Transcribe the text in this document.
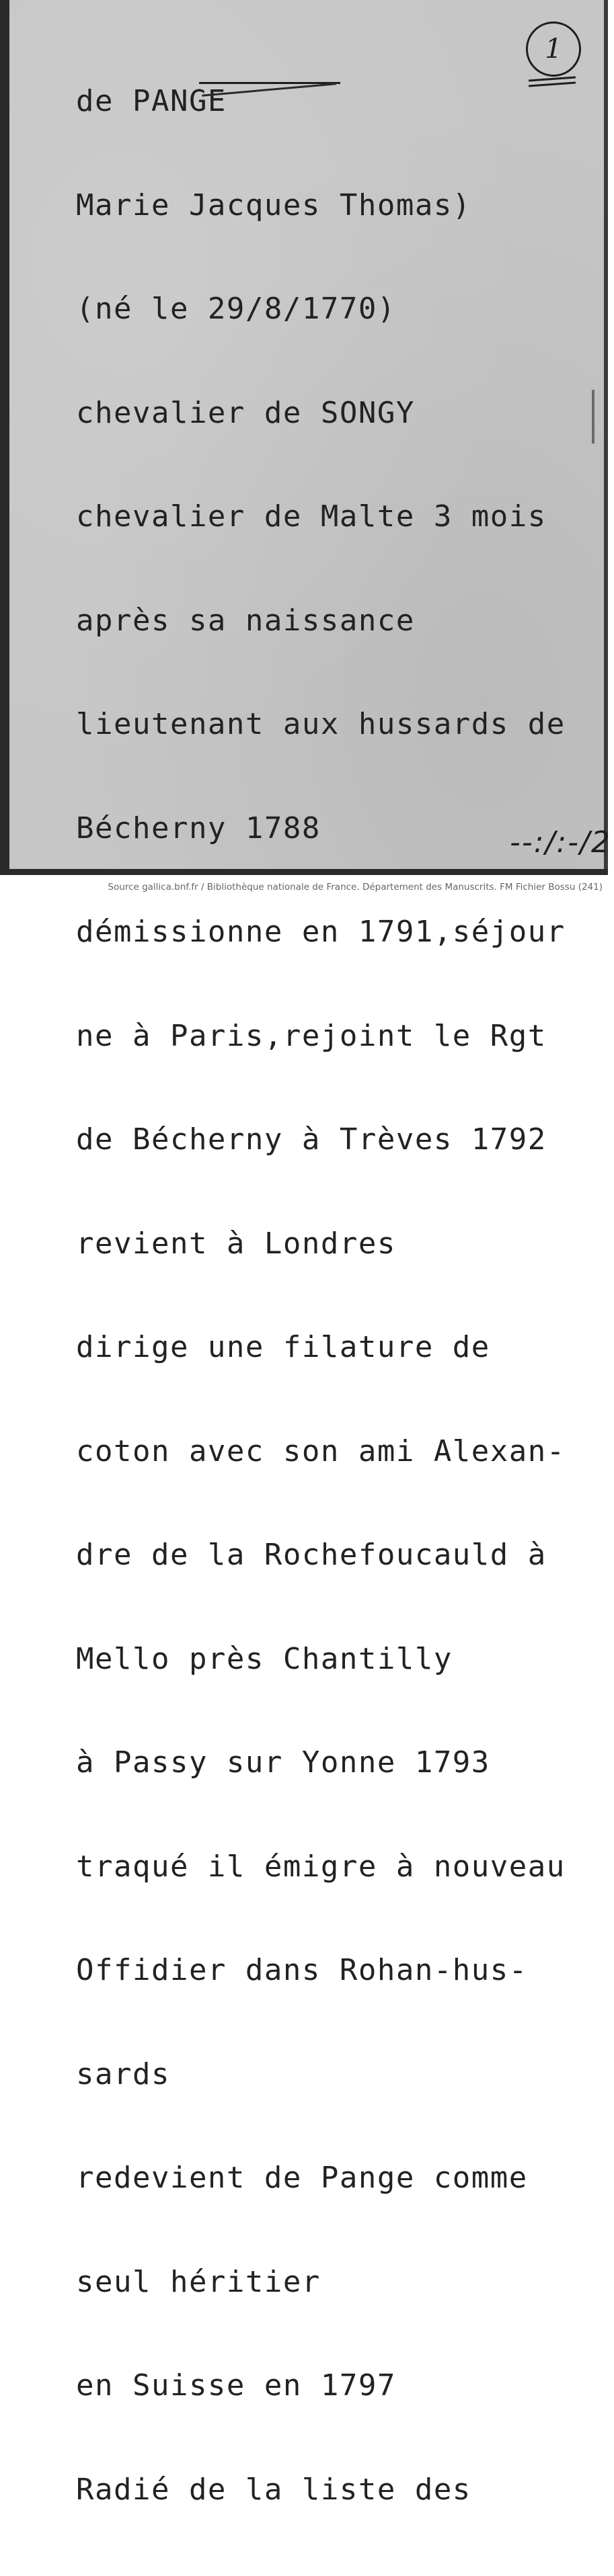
de PANGE

Marie Jacques Thomas)

(né le 29/8/1770)

chevalier de SONGY

chevalier de Malte 3 mois

après sa naissance

lieutenant aux hussards de

Bécherny 1788

démissionne en 1791,séjour

ne à Paris,rejoint le Rgt

de Bécherny à Trèves 1792

revient à Londres

dirige une filature de

coton avec son ami Alexan-

dre de la Rochefoucauld à

Mello près Chantilly

à Passy sur Yonne 1793

traqué il émigre à nouveau

Offidier dans Rohan-hus-

sards

redevient de Pange comme

seul héritier

en Suisse en 1797

Radié de la liste des

1
--:/:-/2
Source gallica.bnf.fr / Bibliothèque nationale de France. Département des Manuscrits. FM Fichier Bossu (241)
